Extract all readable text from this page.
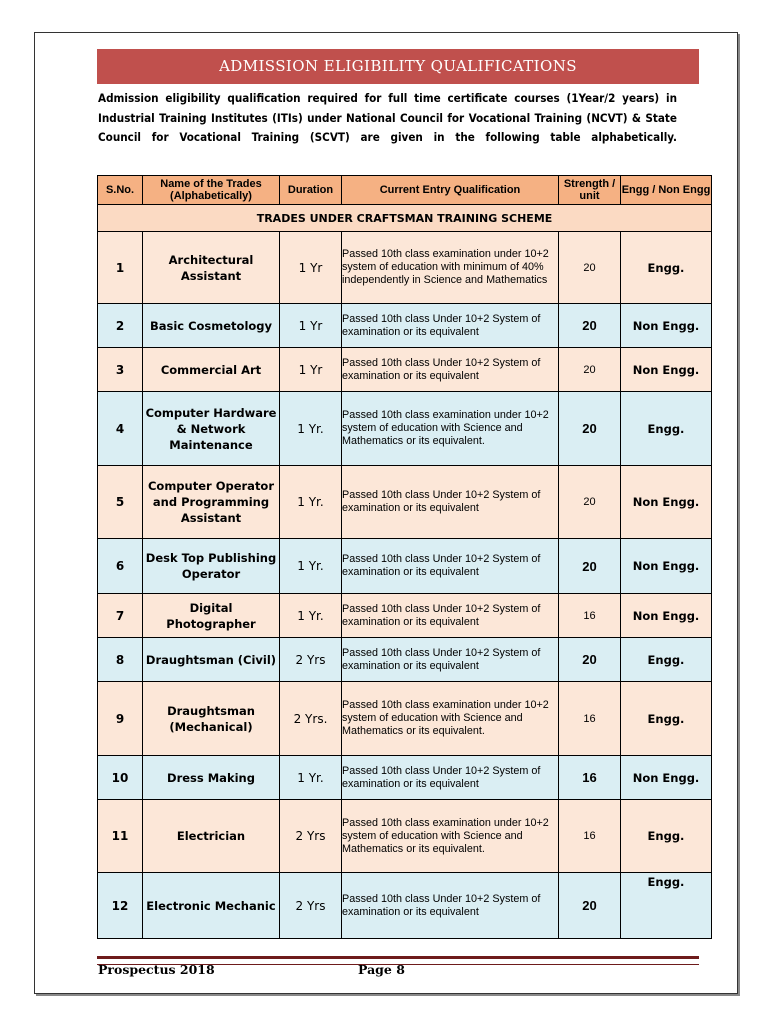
ADMISSION ELIGIBILITY QUALIFICATIONS
Admission eligibility qualification required for full time certificate courses (1Year/2 years) in Industrial Training Institutes (ITIs) under National Council for Vocational Training (NCVT) & State Council for Vocational Training (SCVT) are given in the following table alphabetically.
S.No.	Name of the Trades (Alphabetically)	Duration	Current Entry Qualification	Strength / unit	Engg / Non Engg
TRADES UNDER CRAFTSMAN TRAINING SCHEME					
1	Architectural Assistant	1 Yr	Passed 10th class examination under 10+2 system of education with minimum of 40% independently in Science and Mathematics	20	Engg.
2	Basic Cosmetology	1 Yr	Passed 10th class Under 10+2 System of examination or its equivalent	20	Non Engg.
3	Commercial Art	1 Yr	Passed 10th class Under 10+2 System of examination or its equivalent	20	Non Engg.
4	Computer Hardware & Network Maintenance	1 Yr.	Passed 10th class examination under 10+2 system of education with Science and Mathematics or its equivalent.	20	Engg.
5	Computer Operator and Programming Assistant	1 Yr.	Passed 10th class Under 10+2 System of examination or its equivalent	20	Non Engg.
6	Desk Top Publishing Operator	1 Yr.	Passed 10th class Under 10+2 System of examination or its equivalent	20	Non Engg.
7	Digital Photographer	1 Yr.	Passed 10th class Under 10+2 System of examination or its equivalent	16	Non Engg.
8	Draughtsman (Civil)	2 Yrs	Passed 10th class Under 10+2 System of examination or its equivalent	20	Engg.
9	Draughtsman (Mechanical)	2 Yrs.	Passed 10th class examination under 10+2 system of education with Science and Mathematics or its equivalent.	16	Engg.
10	Dress Making	1 Yr.	Passed 10th class Under 10+2 System of examination or its equivalent	16	Non Engg.
11	Electrician	2 Yrs	Passed 10th class examination under 10+2 system of education with Science and Mathematics or its equivalent.	16	Engg.
12	Electronic Mechanic	2 Yrs	Passed 10th class Under 10+2 System of examination or its equivalent	20	Engg.
Prospectus 2018	Page 8
